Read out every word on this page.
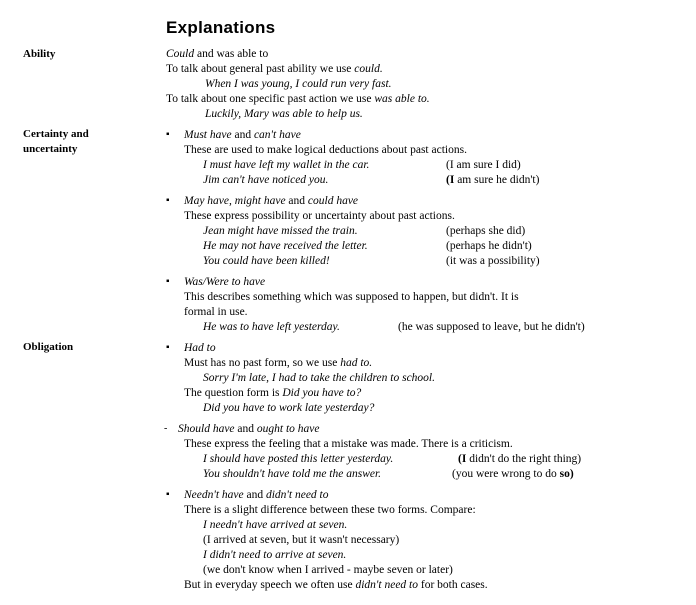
Explanations
Ability	Could and was able to
To talk about general past ability we use could.
When I was young, I could run very fast.
To talk about one specific past action we use was able to.
Luckily, Mary was able to help us.
Certainty and
uncertainty
▪	Must have and can't have
These are used to make logical deductions about past actions.
I must have left my wallet in the car.	(I am sure I did)
Jim can't have noticed you.	(I am sure he didn't)
▪	May have, might have and could have
These express possibility or uncertainty about past actions.
Jean might have missed the train.	(perhaps she did)
He may not have received the letter.	(perhaps he didn't)
You could have been killed!	(it was a possibility)
▪	Was/Were to have
This describes something which was supposed to happen, but didn't. It is
formal in use.
He was to have left yesterday.	(he was supposed to leave, but he didn't)
Obligation	▪	Had to
Must has no past form, so we use had to.
Sorry I'm late, I had to take the children to school.
The question form is Did you have to?
Did you have to work late yesterday?
- Should have and ought to have
These express the feeling that a mistake was made. There is a criticism.
I should have posted this letter yesterday.	(I didn't do the right thing)
You shouldn't have told me the answer.	(you were wrong to do so)
▪	Needn't have and didn't need to
There is a slight difference between these two forms. Compare:
I needn't have arrived at seven.
(I arrived at seven, but it wasn't necessary)
I didn't need to arrive at seven.
(we don't know when I arrived - maybe seven or later)
But in everyday speech we often use didn't need to for both cases.
